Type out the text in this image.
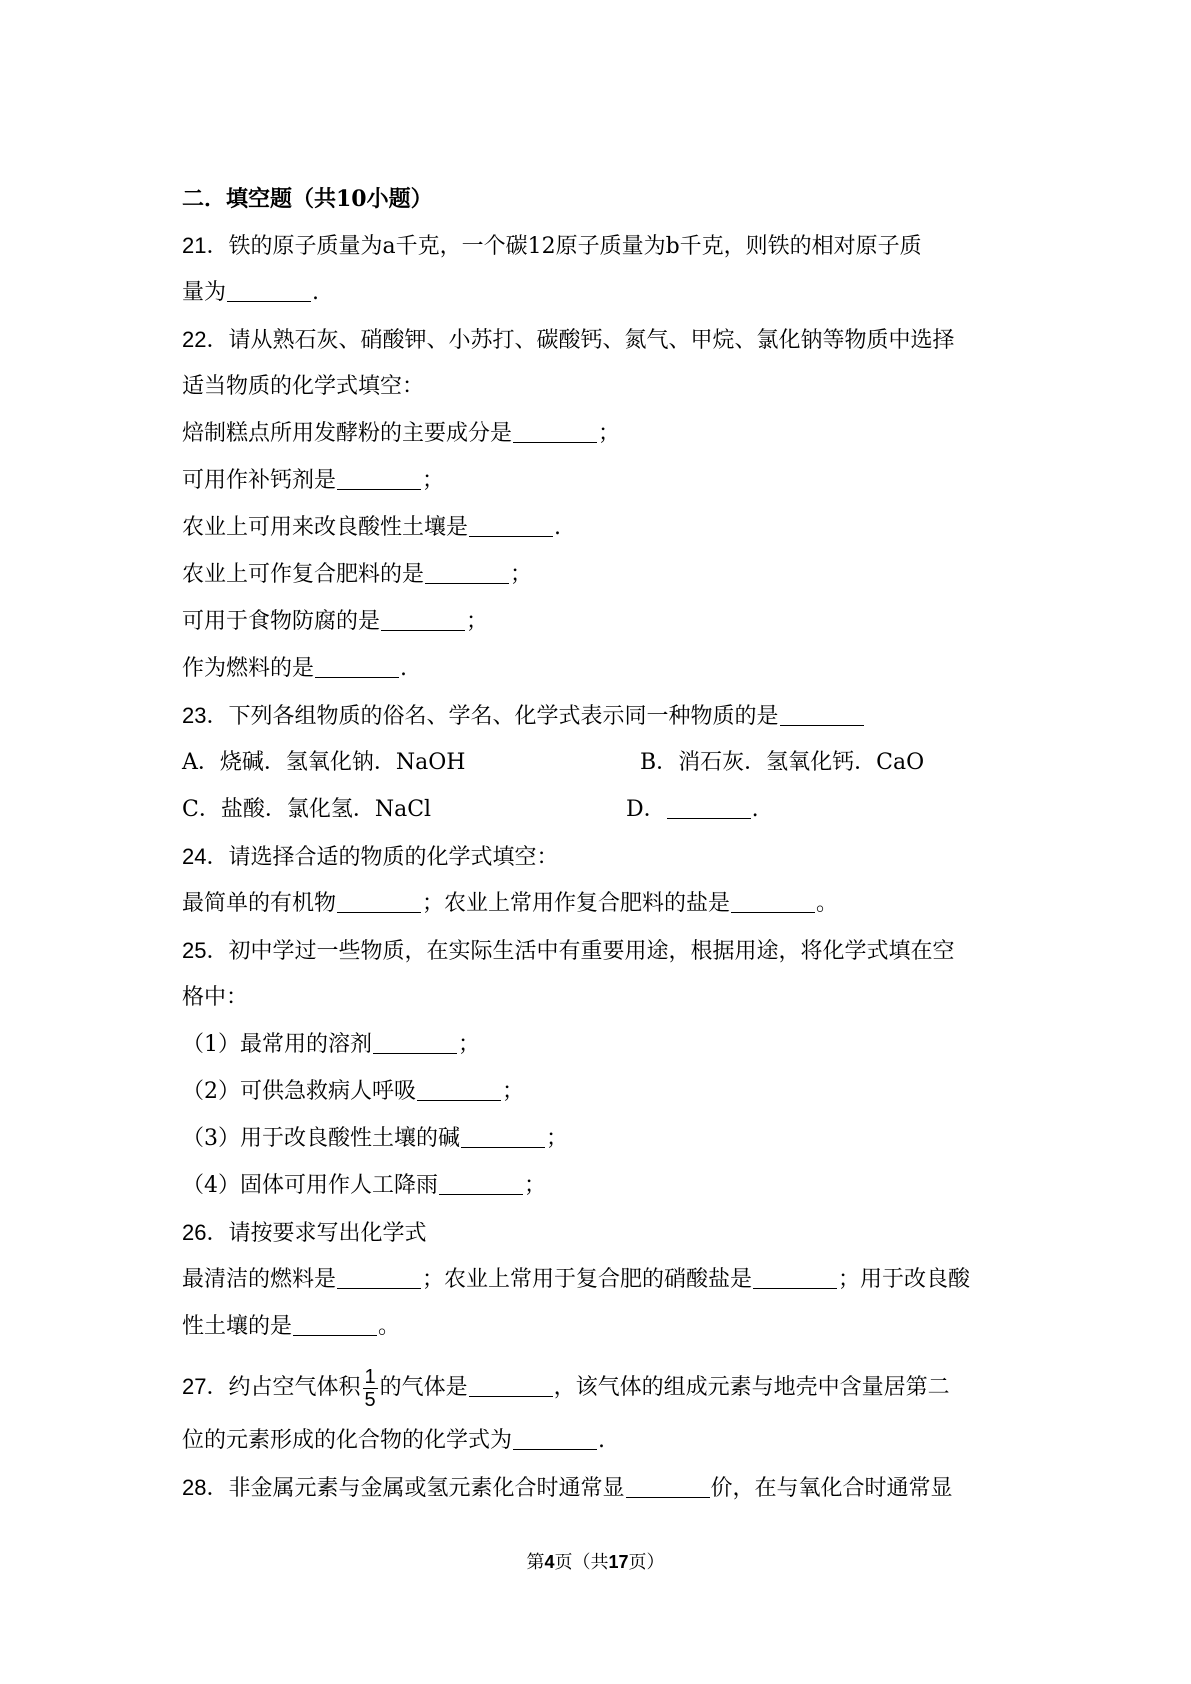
二．填空题（共10小题）
21．铁的原子质量为a千克，一个碳12原子质量为b千克，则铁的相对原子质
量为	.
22．请从熟石灰、硝酸钾、小苏打、碳酸钙、氮气、甲烷、氯化钠等物质中选择
适当物质的化学式填空：
焙制糕点所用发酵粉的主要成分是	；
可用作补钙剂是	；
农业上可用来改良酸性土壤是	.
农业上可作复合肥料的是	；
可用于食物防腐的是	；
作为燃料的是	.
23．下列各组物质的俗名、学名、化学式表示同一种物质的是
A．烧碱．氢氧化钠．NaOH	B．消石灰．氢氧化钙．CaO
C．盐酸．氯化氢．NaCl	D．	.
24．请选择合适的物质的化学式填空：
最简单的有机物	；农业上常用作复合肥料的盐是	。
25．初中学过一些物质，在实际生活中有重要用途，根据用途，将化学式填在空
格中：
（1）最常用的溶剂	；
（2）可供急救病人呼吸	；
（3）用于改良酸性土壤的碱	；
（4）固体可用作人工降雨	；
26．请按要求写出化学式
最清洁的燃料是	；农业上常用于复合肥的硝酸盐是	；用于改良酸
性土壤的是	。
27．约占空气体积 $\frac{1}{5}$ 的气体是	，该气体的组成元素与地壳中含量居第二
位的元素形成的化合物的化学式为	.
28．非金属元素与金属或氢元素化合时通常显	价，在与氧化合时通常显
第4页（共17页）
